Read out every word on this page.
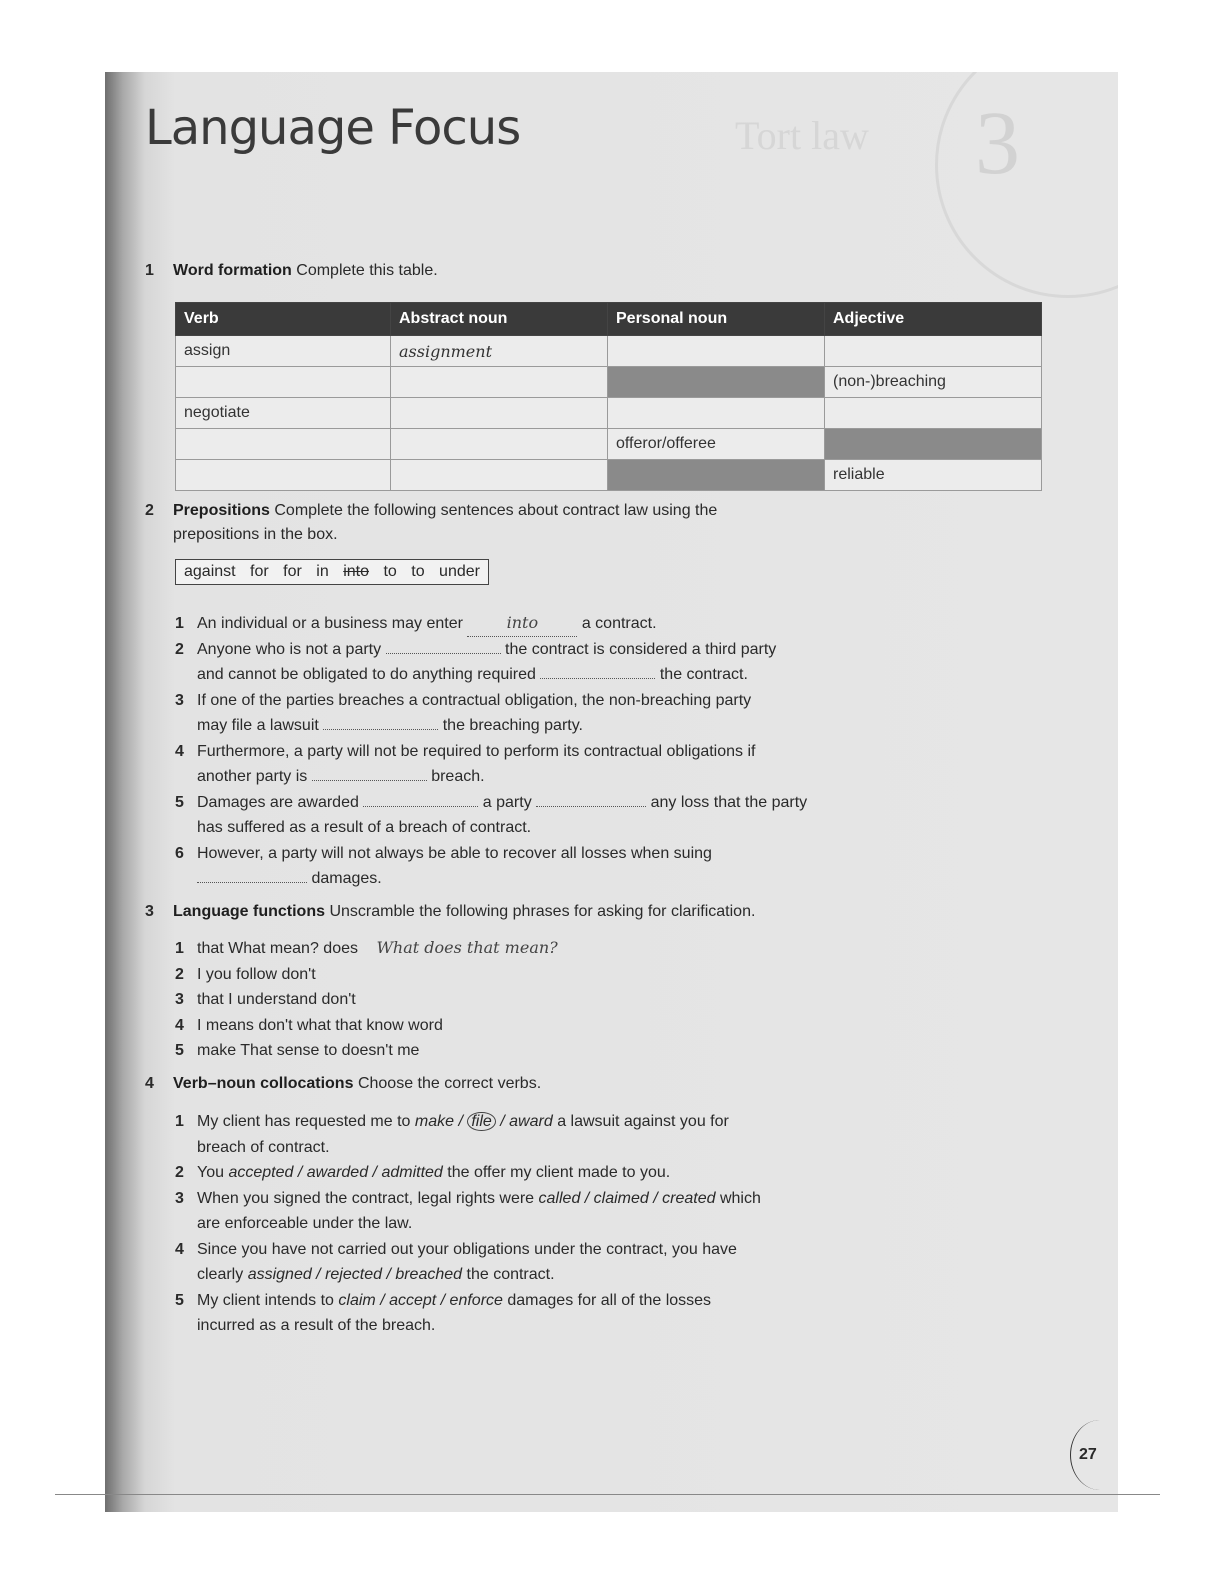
Tort law 3
Language Focus
1 Word formation Complete this table.
Verb	Abstract noun	Personal noun	Adjective
assign	assignment		
			(non-)breaching
negotiate			
		offeror/offeree	
			reliable
2 Prepositions Complete the following sentences about contract law using the
prepositions in the box.
against for for in into to to under
1 An individual or a business may enter	into	a contract.
2 Anyone who is not a party	the contract is considered a third party
and cannot be obligated to do anything required	the contract.
3 If one of the parties breaches a contractual obligation, the non-breaching party
may file a lawsuit	the breaching party.
4 Furthermore, a party will not be required to perform its contractual obligations if
another party is	breach.
5 Damages are awarded	a party	any loss that the party
has suffered as a result of a breach of contract.
6 However, a party will not always be able to recover all losses when suing
damages.
3 Language functions Unscramble the following phrases for asking for clarification.
1 that What mean? does What does that mean?
2 I you follow don't
3 that I understand don't
4 I means don't what that know word
5 make That sense to doesn't me
4 Verb–noun collocations Choose the correct verbs.
1 My client has requested me to make / file / award a lawsuit against you for
breach of contract.
2 You accepted / awarded / admitted the offer my client made to you.
3 When you signed the contract, legal rights were called / claimed / created which
are enforceable under the law.
4 Since you have not carried out your obligations under the contract, you have
clearly assigned / rejected / breached the contract.
5 My client intends to claim / accept / enforce damages for all of the losses
incurred as a result of the breach.
27
